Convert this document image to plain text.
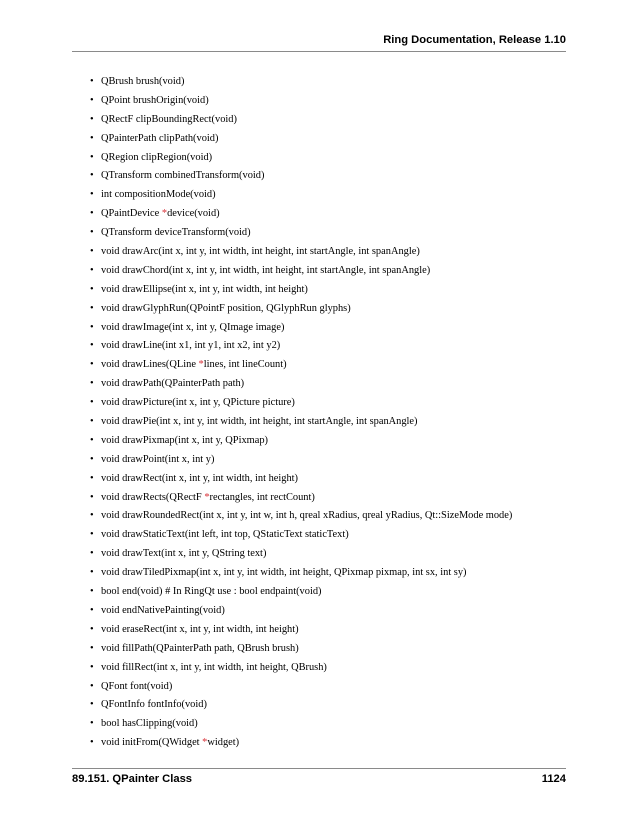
Ring Documentation, Release 1.10
• QBrush brush(void)
• QPoint brushOrigin(void)
• QRectF clipBoundingRect(void)
• QPainterPath clipPath(void)
• QRegion clipRegion(void)
• QTransform combinedTransform(void)
• int compositionMode(void)
• QPaintDevice *device(void)
• QTransform deviceTransform(void)
• void drawArc(int x, int y, int width, int height, int startAngle, int spanAngle)
• void drawChord(int x, int y, int width, int height, int startAngle, int spanAngle)
• void drawEllipse(int x, int y, int width, int height)
• void drawGlyphRun(QPointF position, QGlyphRun glyphs)
• void drawImage(int x, int y, QImage image)
• void drawLine(int x1, int y1, int x2, int y2)
• void drawLines(QLine *lines, int lineCount)
• void drawPath(QPainterPath path)
• void drawPicture(int x, int y, QPicture picture)
• void drawPie(int x, int y, int width, int height, int startAngle, int spanAngle)
• void drawPixmap(int x, int y, QPixmap)
• void drawPoint(int x, int y)
• void drawRect(int x, int y, int width, int height)
• void drawRects(QRectF *rectangles, int rectCount)
• void drawRoundedRect(int x, int y, int w, int h, qreal xRadius, qreal yRadius, Qt::SizeMode mode)
• void drawStaticText(int left, int top, QStaticText staticText)
• void drawText(int x, int y, QString text)
• void drawTiledPixmap(int x, int y, int width, int height, QPixmap pixmap, int sx, int sy)
• bool end(void) # In RingQt use : bool endpaint(void)
• void endNativePainting(void)
• void eraseRect(int x, int y, int width, int height)
• void fillPath(QPainterPath path, QBrush brush)
• void fillRect(int x, int y, int width, int height, QBrush)
• QFont font(void)
• QFontInfo fontInfo(void)
• bool hasClipping(void)
• void initFrom(QWidget *widget)
89.151. QPainter Class	1124
